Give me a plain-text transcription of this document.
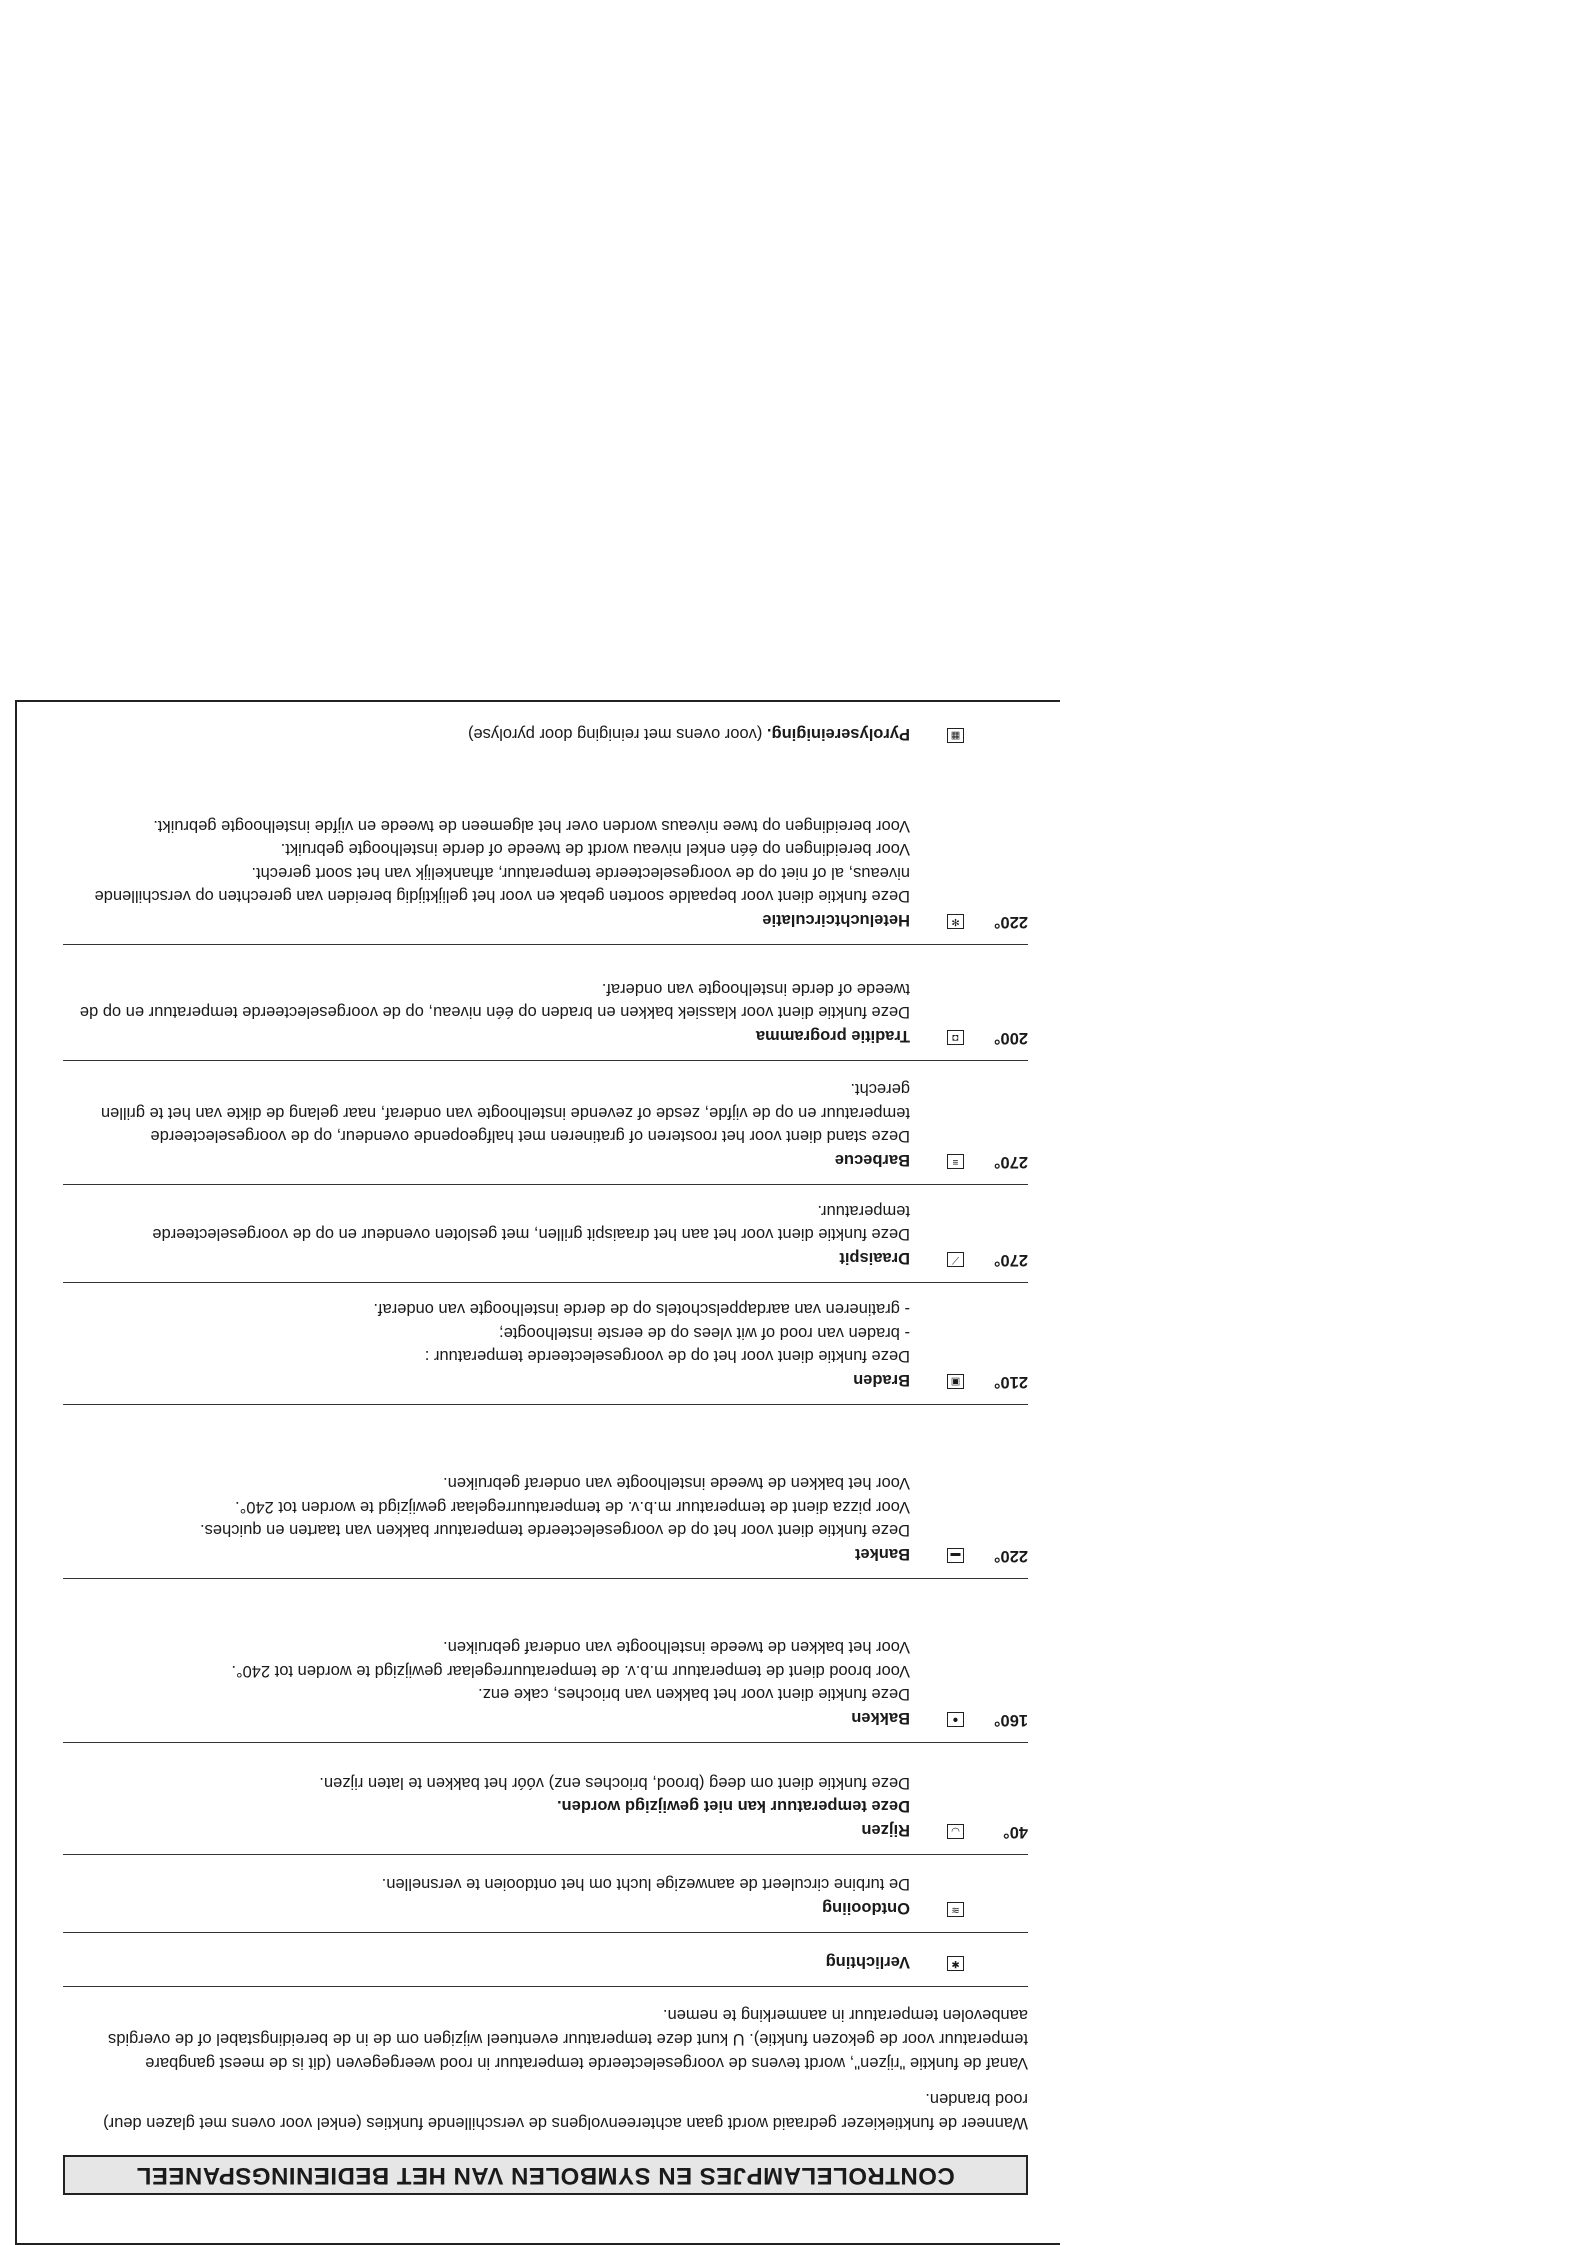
CONTROLELAMPJES EN SYMBOLEN VAN HET BEDIENINGSPANEEL

Wanneer de funktiekiezer gedraaid wordt gaan achtereenvolgens de verschillende funkties (enkel voor ovens met glazen deur) rood branden.

Vanaf de funktie "rijzen", wordt tevens de voorgeselecteerde temperatuur in rood weergegeven (dit is de meest gangbare temperatuur voor de gekozen funktie). U kunt deze temperatuur eventueel wijzigen om de in de bereidingstabel of de overgids aanbevolen temperatuur in aanmerking te nemen.

✱
Verlichting
≋
Ontdooiing

De turbine circuleert de aanwezige lucht om het ontdooien te versnellen.

40°
◡
Rijzen

Deze temperatuur kan niet gewijzigd worden.

Deze funktie dient om deeg (brood, brioches enz) vóór het bakken te laten rijzen.

160°
●
Bakken

Deze funktie dient voor het bakken van brioches, cake enz.

Voor brood dient de temperatuur m.b.v. de temperatuurregelaar gewijzigd te worden tot 240°.

Voor het bakken de tweede instelhoogte van onderaf gebruiken.

220°
▬
Banket

Deze funktie dient voor het op de voorgeselecteerde temperatuur bakken van taarten en quiches.

Voor pizza dient de temperatuur m.b.v. de temperatuurregelaar gewijzigd te worden tot 240°.

Voor het bakken de tweede instelhoogte van onderaf gebruiken.

210°
▣
Braden

Deze funktie dient voor het op de voorgeselecteerde temperatuur :

- braden van rood of wit vlees op de eerste instelhoogte;

- gratineren van aardappelschotels op de derde instelhoogte van onderaf.

270°
⟋
Draaispit

Deze funktie dient voor het aan het draaispit grillen, met gesloten ovendeur en op de voorgeselecteerde temperatuur.

270°
≡
Barbecue

Deze stand dient voor het roosteren of gratineren met halfgeopende ovendeur, op de voorgeselecteerde temperatuur en op de vijfde, zesde of zevende instelhoogte van onderaf, naar gelang de dikte van het te grillen gerecht.

200°
◘
Traditie programma

Deze funktie dient voor klassiek bakken en braden op één niveau, op de voorgeselecteerde temperatuur en op de tweede of derde instelhoogte van onderaf.

220°
✻
Heteluchtcirculatie

Deze funktie dient voor bepaalde soorten gebak en voor het gelijktijdig bereiden van gerechten op verschillende niveaus, al of niet op de voorgeselecteerde temperatuur, afhankelijk van het soort gerecht.

Voor bereidingen op één enkel niveau wordt de tweede of derde instelhoogte gebruikt.

Voor bereidingen op twee niveaus worden over het algemeen de tweede en vijfde instelhoogte gebruikt.

▦
Pyrolysereiniging. (voor ovens met reiniging door pyrolyse)
